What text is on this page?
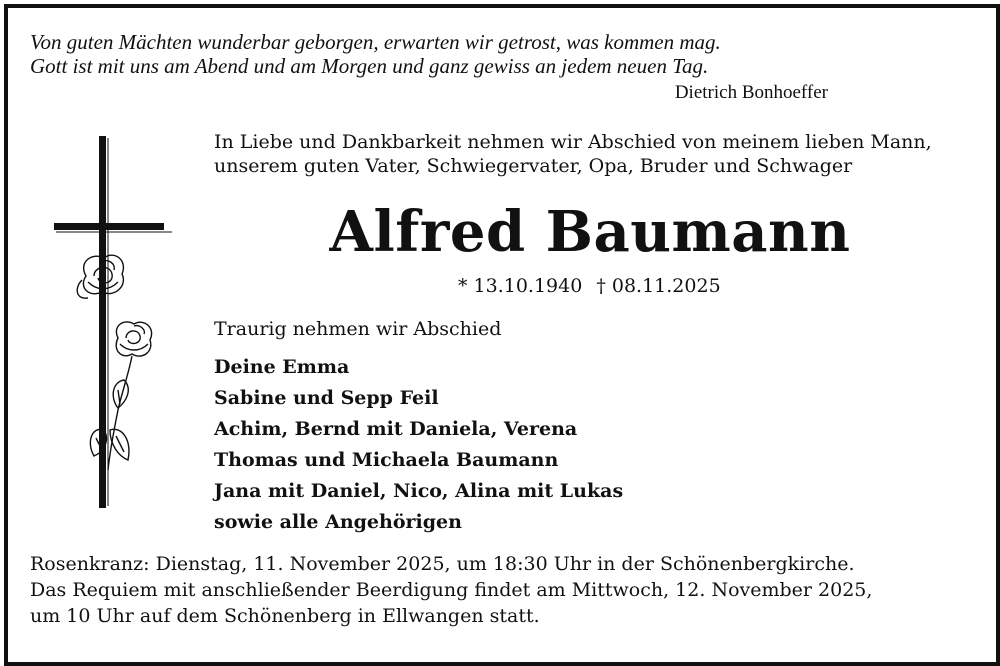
Von guten Mächten wunderbar geborgen, erwarten wir getrost, was kommen mag.
Gott ist mit uns am Abend und am Morgen und ganz gewiss an jedem neuen Tag.
Dietrich Bonhoeffer
In Liebe und Dankbarkeit nehmen wir Abschied von meinem lieben Mann,
unserem guten Vater, Schwiegervater, Opa, Bruder und Schwager
Alfred Baumann
* 13.10.1940 † 08.11.2025
Traurig nehmen wir Abschied
Deine Emma
Sabine und Sepp Feil
Achim, Bernd mit Daniela, Verena
Thomas und Michaela Baumann
Jana mit Daniel, Nico, Alina mit Lukas
sowie alle Angehörigen
Rosenkranz: Dienstag, 11. November 2025, um 18:30 Uhr in der Schönenbergkirche.
Das Requiem mit anschließender Beerdigung findet am Mittwoch, 12. November 2025,
um 10 Uhr auf dem Schönenberg in Ellwangen statt.
